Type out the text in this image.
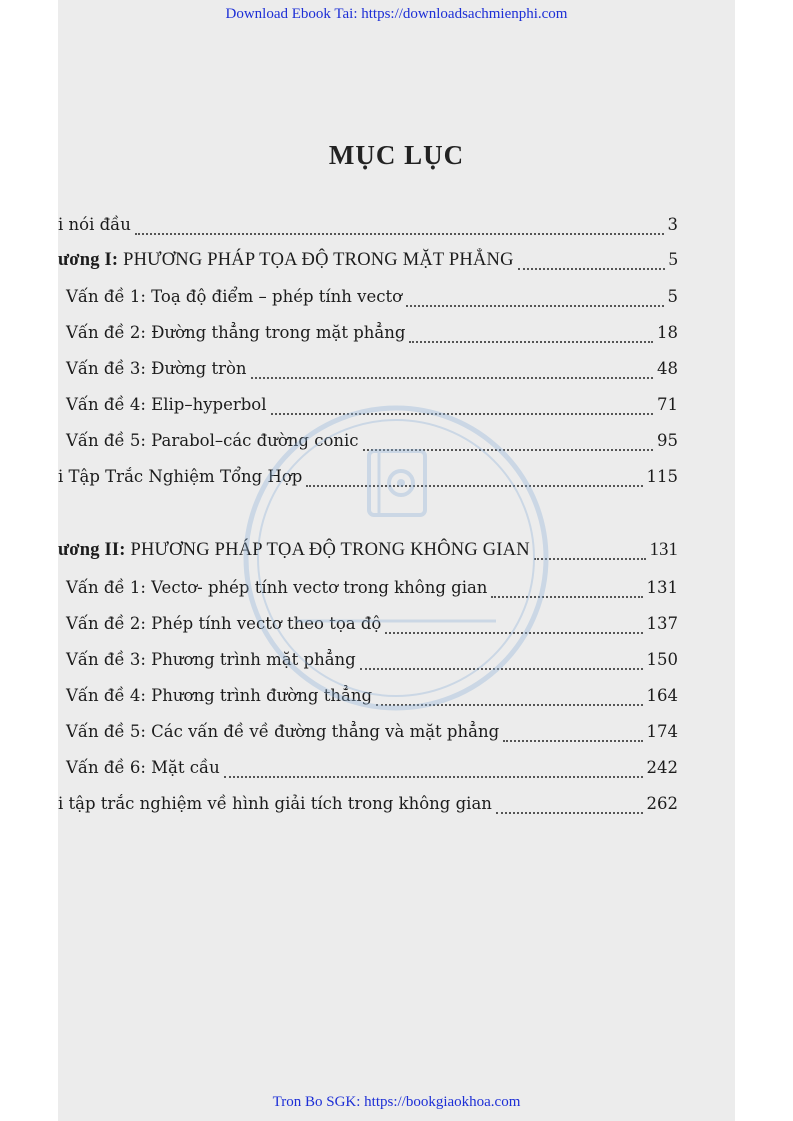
Download Ebook Tai: https://downloadsachmienphi.com
MỤC LỤC
i nói đầu	3
ương I: PHƯƠNG PHÁP TỌA ĐỘ TRONG MẶT PHẲNG	5
Vấn đề 1: Toạ độ điểm – phép tính vectơ	5
Vấn đề 2: Đường thẳng trong mặt phẳng	18
Vấn đề 3: Đường tròn	48
Vấn đề 4: Elip–hyperbol	71
Vấn đề 5: Parabol–các đường conic	95
i Tập Trắc Nghiệm Tổng Hợp	115
ương II: PHƯƠNG PHÁP TỌA ĐỘ TRONG KHÔNG GIAN	131
Vấn đề 1: Vectơ- phép tính vectơ trong không gian	131
Vấn đề 2: Phép tính vectơ theo tọa độ	137
Vấn đề 3: Phương trình mặt phẳng	150
Vấn đề 4: Phương trình đường thẳng	164
Vấn đề 5: Các vấn đề về đường thẳng và mặt phẳng	174
Vấn đề 6: Mặt cầu	242
i tập trắc nghiệm về hình giải tích trong không gian	262
Tron Bo SGK: https://bookgiaokhoa.com
